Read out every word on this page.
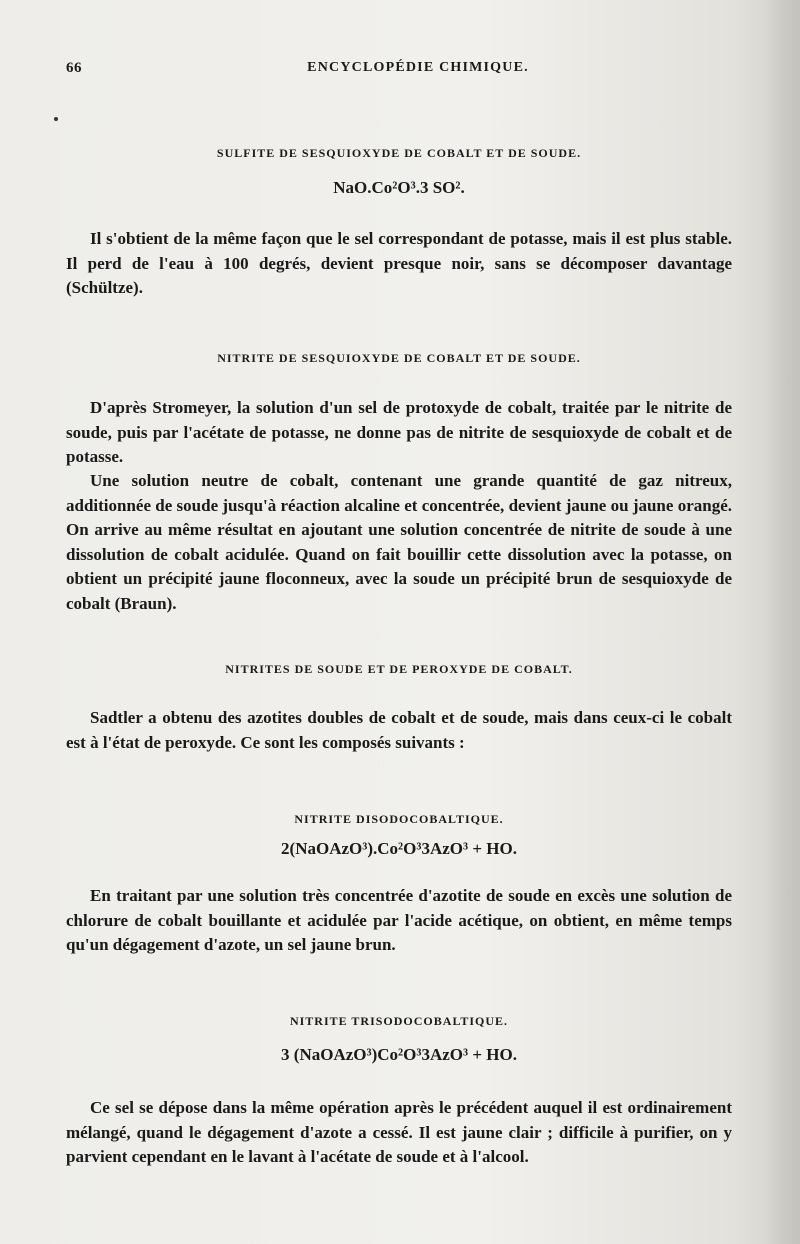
66	ENCYCLOPÉDIE CHIMIQUE.
SULFITE DE SESQUIOXYDE DE COBALT ET DE SOUDE.
NaO.Co²O³.3 SO².

Il s'obtient de la même façon que le sel correspondant de potasse, mais il est plus stable. Il perd de l'eau à 100 degrés, devient presque noir, sans se décomposer davantage (Schültze).

NITRITE DE SESQUIOXYDE DE COBALT ET DE SOUDE.

D'après Stromeyer, la solution d'un sel de protoxyde de cobalt, traitée par le nitrite de soude, puis par l'acétate de potasse, ne donne pas de nitrite de sesquioxyde de cobalt et de potasse.

Une solution neutre de cobalt, contenant une grande quantité de gaz nitreux, additionnée de soude jusqu'à réaction alcaline et concentrée, devient jaune ou jaune orangé. On arrive au même résultat en ajoutant une solution concentrée de nitrite de soude à une dissolution de cobalt acidulée. Quand on fait bouillir cette dissolution avec la potasse, on obtient un précipité jaune floconneux, avec la soude un précipité brun de sesquioxyde de cobalt (Braun).

NITRITES DE SOUDE ET DE PEROXYDE DE COBALT.

Sadtler a obtenu des azotites doubles de cobalt et de soude, mais dans ceux-ci le cobalt est à l'état de peroxyde. Ce sont les composés suivants :

NITRITE DISODOCOBALTIQUE.
2(NaOAzO³).Co²O³3AzO³ + HO.

En traitant par une solution très concentrée d'azotite de soude en excès une solution de chlorure de cobalt bouillante et acidulée par l'acide acétique, on obtient, en même temps qu'un dégagement d'azote, un sel jaune brun.

NITRITE TRISODOCOBALTIQUE.
3 (NaOAzO³)Co²O³3AzO³ + HO.

Ce sel se dépose dans la même opération après le précédent auquel il est ordinairement mélangé, quand le dégagement d'azote a cessé. Il est jaune clair ; difficile à purifier, on y parvient cependant en le lavant à l'acétate de soude et à l'alcool.
